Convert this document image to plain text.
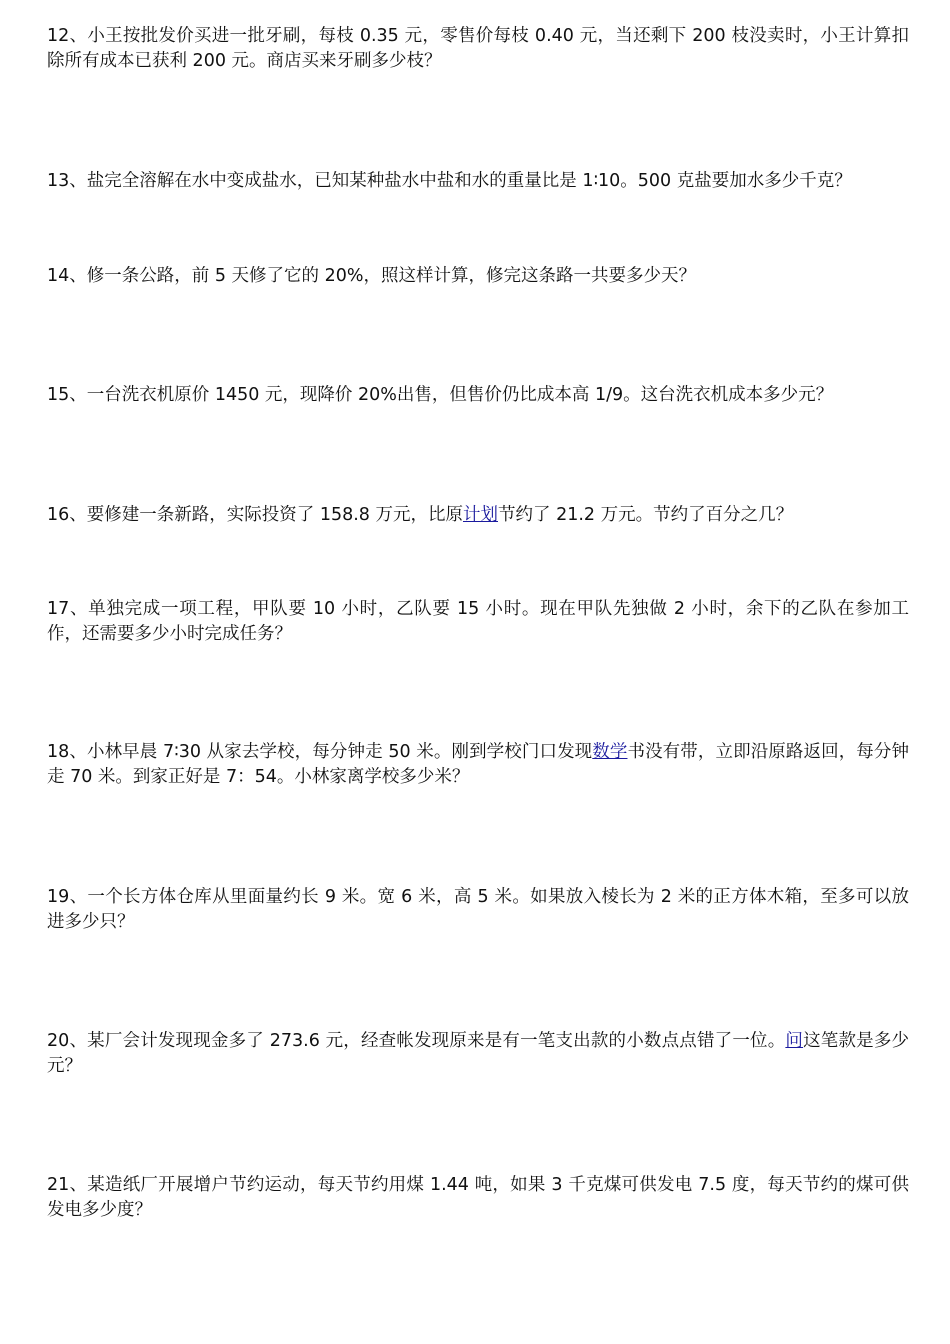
12、小王按批发价买进一批牙刷，每枝 0.35 元，零售价每枝 0.40 元，当还剩下 200 枝没卖时，小王计算扣除所有成本已获利 200 元。商店买来牙刷多少枝？

13、盐完全溶解在水中变成盐水，已知某种盐水中盐和水的重量比是 1∶10。500 克盐要加水多少千克？

14、修一条公路，前 5 天修了它的 20%，照这样计算，修完这条路一共要多少天？

15、一台洗衣机原价 1450 元，现降价 20%出售，但售价仍比成本高 1/9。这台洗衣机成本多少元？

16、要修建一条新路，实际投资了 158.8 万元，比原计划节约了 21.2 万元。节约了百分之几？

17、单独完成一项工程，甲队要 10 小时，乙队要 15 小时。现在甲队先独做 2 小时，余下的乙队在参加工作，还需要多少小时完成任务？

18、小林早晨 7∶30 从家去学校，每分钟走 50 米。刚到学校门口发现数学书没有带，立即沿原路返回，每分钟走 70 米。到家正好是 7：54。小林家离学校多少米？

19、一个长方体仓库从里面量约长 9 米。宽 6 米，高 5 米。如果放入棱长为 2 米的正方体木箱，至多可以放进多少只？

20、某厂会计发现现金多了 273.6 元，经查帐发现原来是有一笔支出款的小数点点错了一位。问这笔款是多少元？

21、某造纸厂开展增户节约运动，每天节约用煤 1.44 吨，如果 3 千克煤可供发电 7.5 度，每天节约的煤可供发电多少度？
